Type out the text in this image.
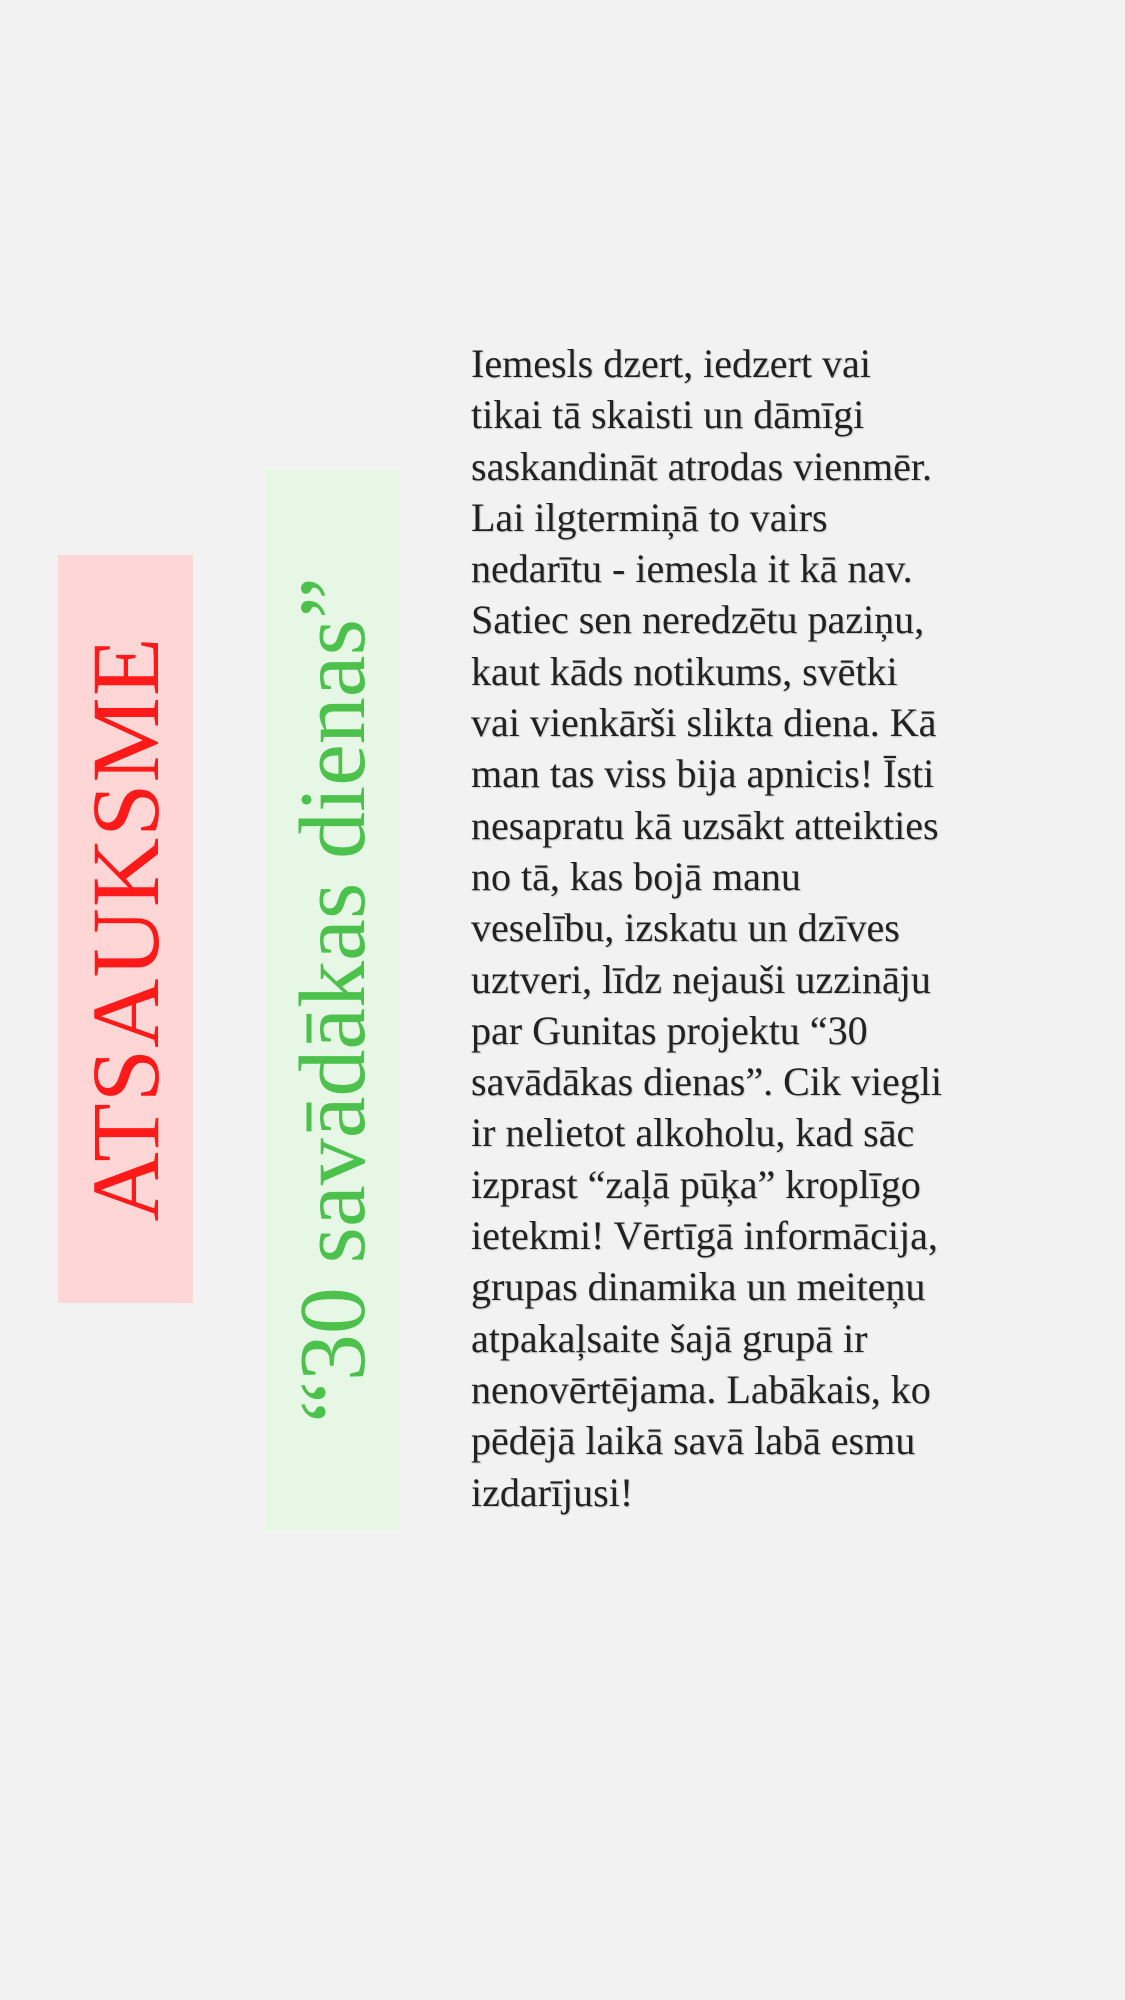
ATSAUKSME “30 savādākas dienas”

Iemesls dzert, iedzert vai tikai tā skaisti un dāmīgi saskandināt atrodas vienmēr. Lai ilgtermiņā to vairs nedarītu - iemesla it kā nav. Satiec sen neredzētu paziņu, kaut kāds notikums, svētki vai vienkārši slikta diena. Kā man tas viss bija apnicis! Īsti nesapratu kā uzsākt atteikties no tā, kas bojā manu veselību, izskatu un dzīves uztveri, līdz nejauši uzzināju par Gunitas projektu “30 savādākas dienas”. Cik viegli ir nelietot alkoholu, kad sāc izprast “zaļā pūķa” kroplīgo ietekmi! Vērtīgā informācija, grupas dinamika un meiteņu atpakaļsaite šajā grupā ir nenovērtējama. Labākais, ko pēdējā laikā savā labā esmu izdarījusi!
